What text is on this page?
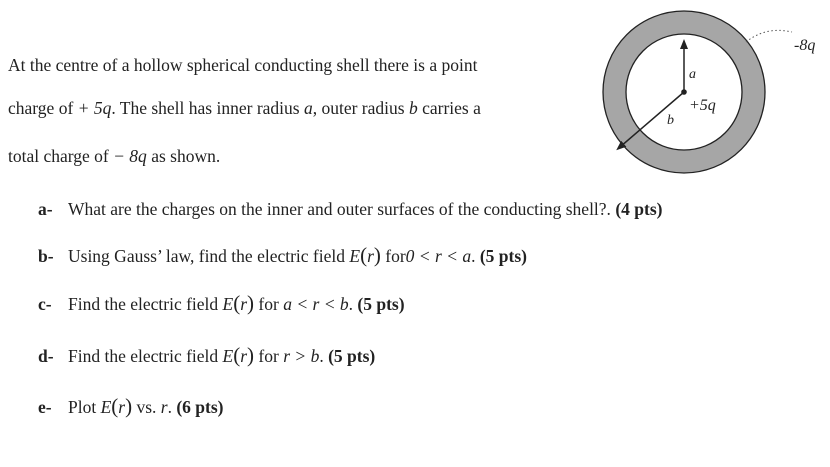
At the centre of a hollow spherical conducting shell there is a point
charge of + 5q. The shell has inner radius a, outer radius b carries a
total charge of − 8q as shown.
a- What are the charges on the inner and outer surfaces of the conducting shell?. (4 pts)
b- Using Gauss’ law, find the electric field E(r) for0 < r < a. (5 pts)
c- Find the electric field E(r) for a < r < b. (5 pts)
d- Find the electric field E(r) for r > b. (5 pts)
e- Plot E(r) vs. r. (6 pts)
-8q
a
b
+5q
